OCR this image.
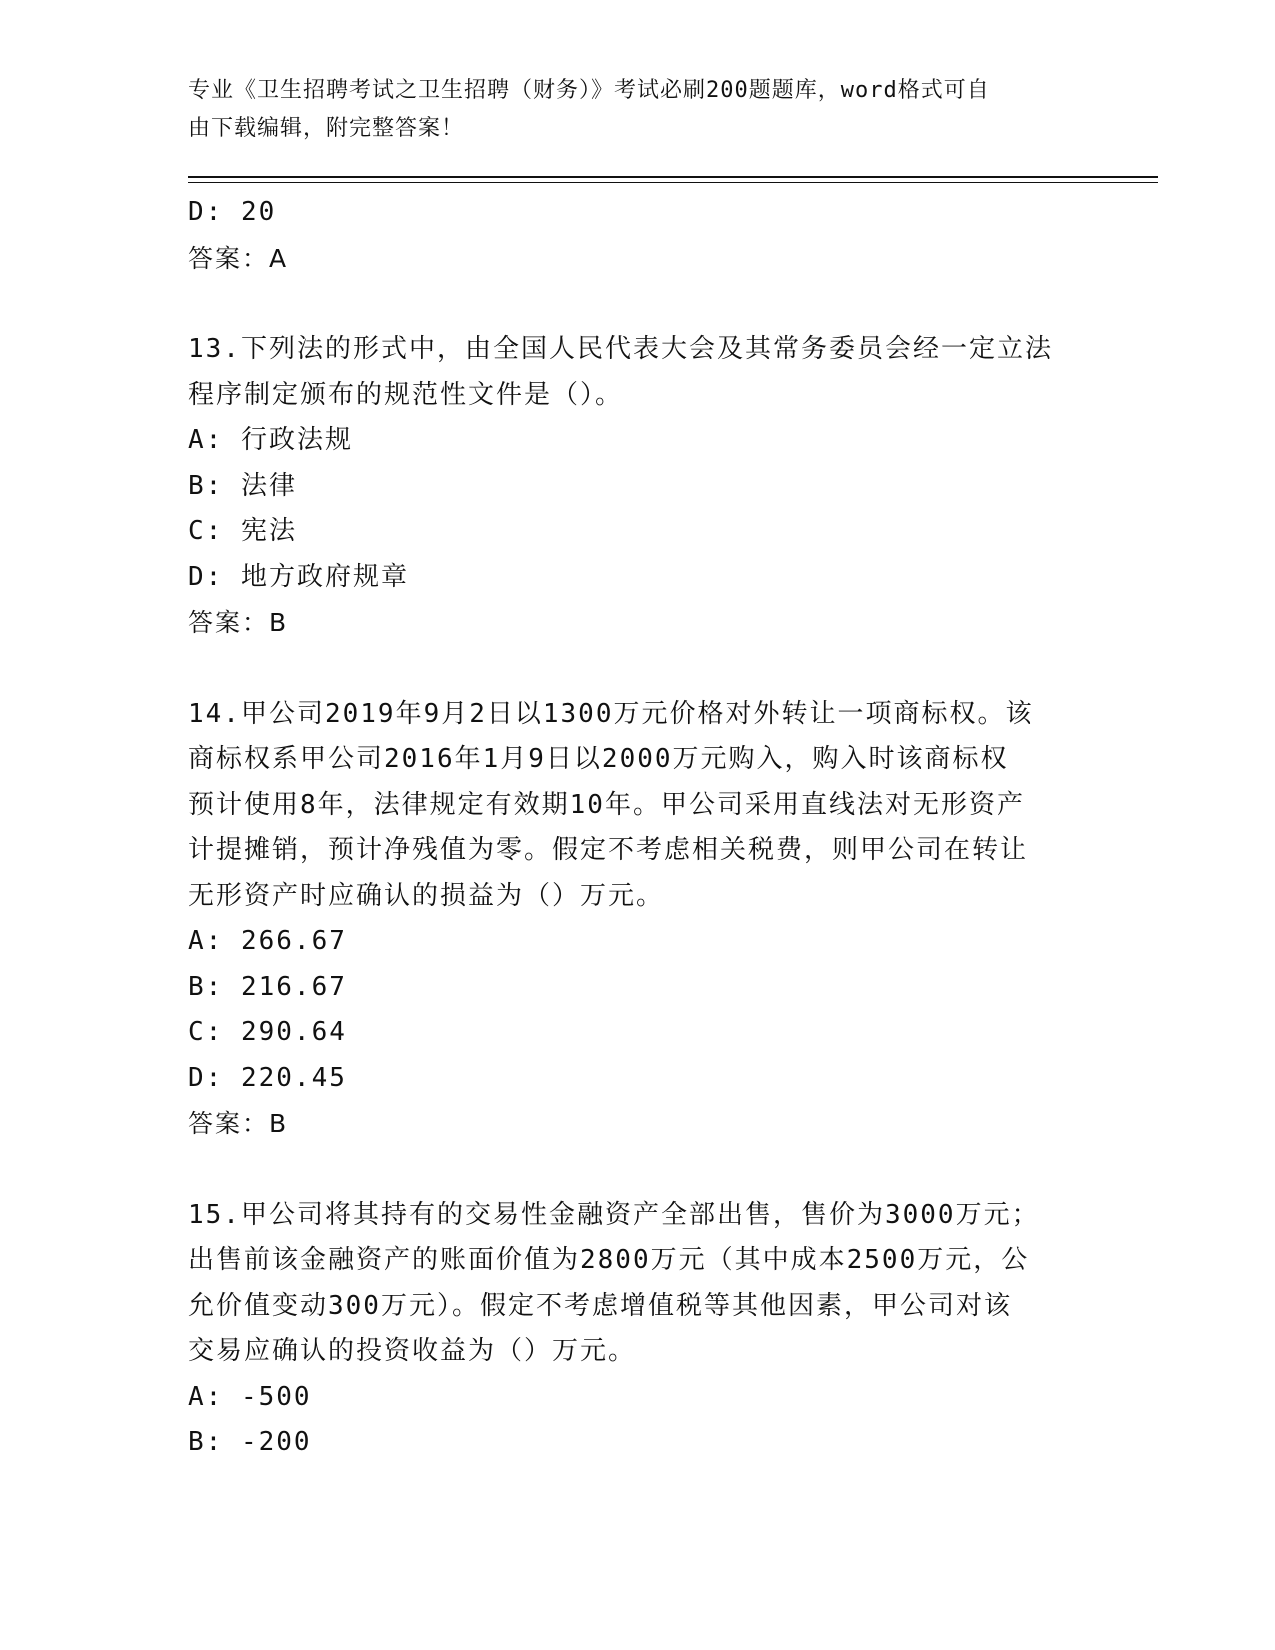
专业《卫生招聘考试之卫生招聘（财务）》考试必刷200题题库，word格式可自
由下载编辑，附完整答案！

D: 20

答案：A

13.下列法的形式中，由全国人民代表大会及其常务委员会经一定立法

程序制定颁布的规范性文件是（）。

A: 行政法规

B: 法律

C: 宪法

D: 地方政府规章

答案：B

14.甲公司2019年9月2日以1300万元价格对外转让一项商标权。该

商标权系甲公司2016年1月9日以2000万元购入，购入时该商标权

预计使用8年，法律规定有效期10年。甲公司采用直线法对无形资产

计提摊销，预计净残值为零。假定不考虑相关税费，则甲公司在转让

无形资产时应确认的损益为（）万元。

A: 266.67

B: 216.67

C: 290.64

D: 220.45

答案：B

15.甲公司将其持有的交易性金融资产全部出售，售价为3000万元；

出售前该金融资产的账面价值为2800万元（其中成本2500万元，公

允价值变动300万元）。假定不考虑增值税等其他因素，甲公司对该

交易应确认的投资收益为（）万元。

A: -500

B: -200
